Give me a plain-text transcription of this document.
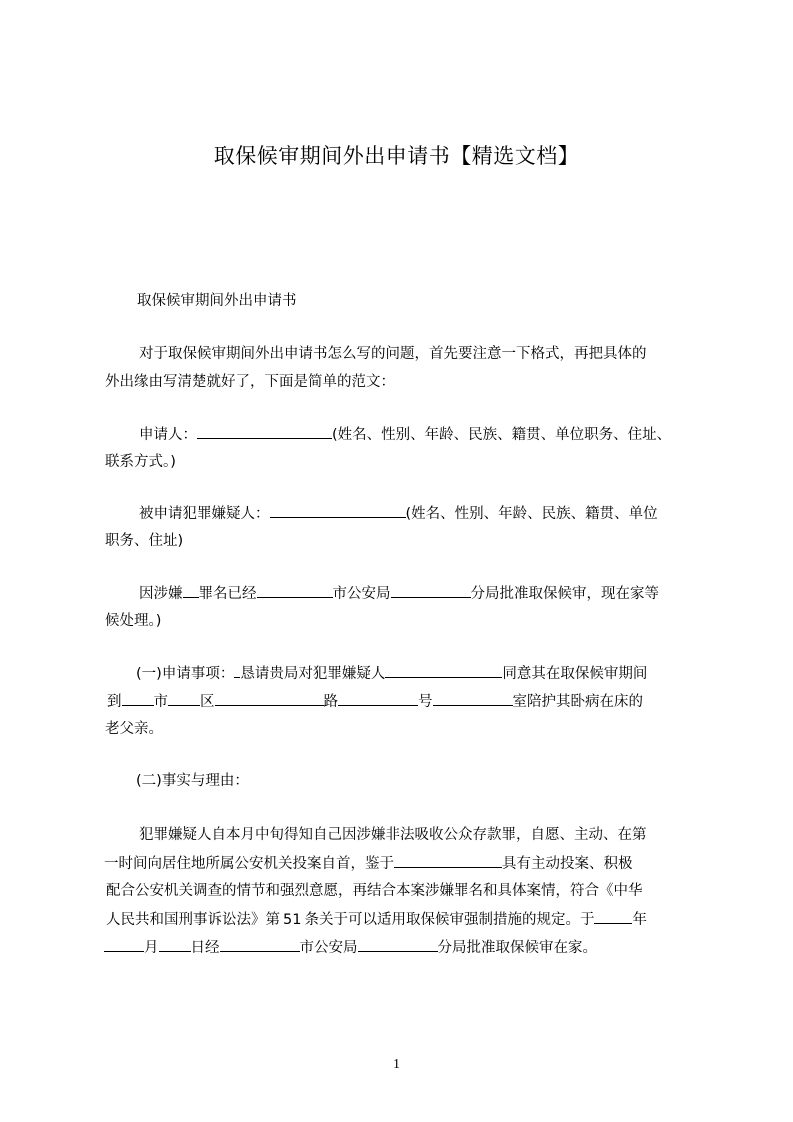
取保候审期间外出申请书【精选文档】
取保候审期间外出申请书
对于取保候审期间外出申请书怎么写的问题，首先要注意一下格式，再把具体的
外出缘由写清楚就好了，下面是简单的范文：
申请人：	(姓名、性别、年龄、民族、籍贯、单位职务、住址、
联系方式。)
被申请犯罪嫌疑人：	(姓名、性别、年龄、民族、籍贯、单位
职务、住址)
因涉嫌 罪名已经	市公安局	分局批准取保候审，现在家等
候处理。)
(一)申请事项： 恳请贵局对犯罪嫌疑人	同意其在取保候审期间
到 市 区	路	号	室陪护其卧病在床的
老父亲。
(二)事实与理由：
犯罪嫌疑人自本月中旬得知自己因涉嫌非法吸收公众存款罪，自愿、主动、在第
一时间向居住地所属公安机关投案自首，鉴于	具有主动投案、积极
配合公安机关调查的情节和强烈意愿，再结合本案涉嫌罪名和具体案情，符合《中华
人民共和国刑事诉讼法》第 51 条关于可以适用取保候审强制措施的规定。于	年
月 日经	市公安局	分局批准取保候审在家。
1
